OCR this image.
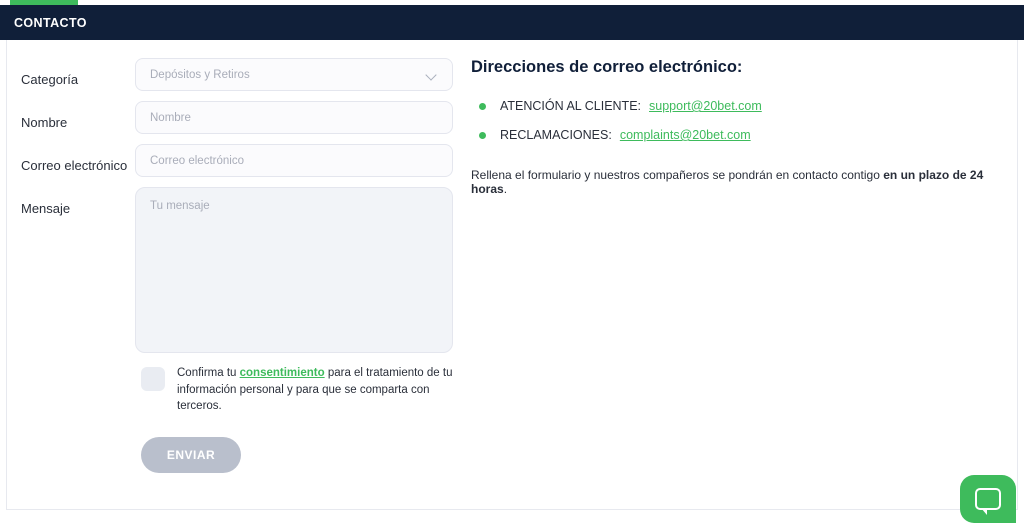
CONTACTO
Categoría	Depósitos y Retiros
Nombre	Nombre
Correo electrónico	Correo electrónico
Mensaje	Tu mensaje
Confirma tu consentimiento para el tratamiento de tu información personal y para que se comparta con terceros.
ENVIAR
Direcciones de correo electrónico:
ATENCIÓN AL CLIENTE: support@20bet.com
RECLAMACIONES: complaints@20bet.com
Rellena el formulario y nuestros compañeros se pondrán en contacto contigo en un plazo de 24 horas.
